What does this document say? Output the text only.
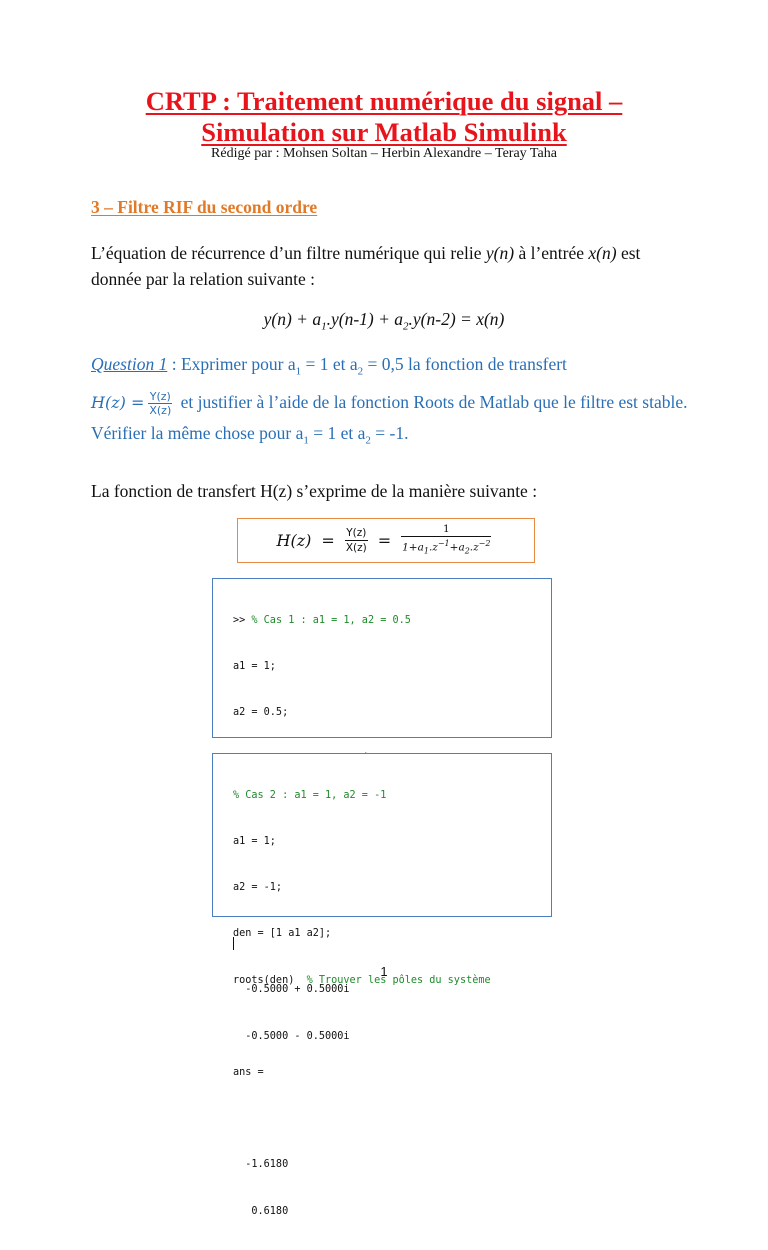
CRTP : Traitement numérique du signal –
Simulation sur Matlab Simulink
Rédigé par : Mohsen Soltan – Herbin Alexandre – Teray Taha
3 – Filtre RIF du second ordre
L’équation de récurrence d’un filtre numérique qui relie y(n) à l’entrée x(n) est donnée par la relation suivante :
$y(n) + a_1.y(n-1) + a_2.y(n-2) = x(n)$
Question 1 : Exprimer pour $a_1 = 1$ et $a_2 = 0,5$ la fonction de transfert
$H(z) = \frac{Y(z)}{X(z)}$ et justifier à l’aide de la fonction Roots de Matlab que le filtre est stable. Vérifier la même chose pour $a_1 = 1$ et $a_2 = -1$.
La fonction de transfert H(z) s’exprime de la manière suivante :
$H(z) = \frac{Y(z)}{X(z)} = \frac{1}{1+a_1.z^{-1}+a_2.z^{-2}}$

>> % Cas 1 : a1 = 1, a2 = 0.5

a1 = 1;

a2 = 0.5;

-0.5000 + 0.5000i

-0.5000 - 0.5000i

% Cas 2 : a1 = 1, a2 = -1

a1 = 1;

a2 = -1;

den = [1 a1 a2];

roots(den)  % Trouver les pôles du système

ans =

-1.6180

0.6180

1
